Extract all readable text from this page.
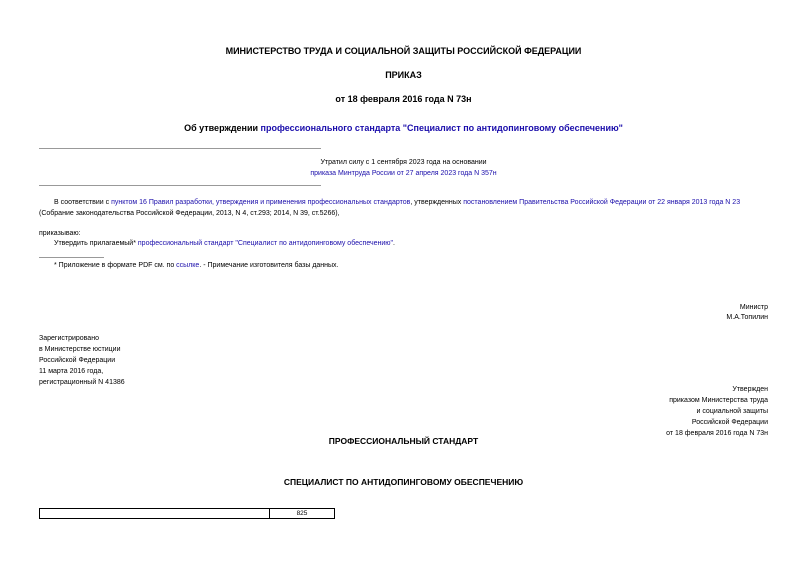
МИНИСТЕРСТВО ТРУДА И СОЦИАЛЬНОЙ ЗАЩИТЫ РОССИЙСКОЙ ФЕДЕРАЦИИ
ПРИКАЗ
от 18 февраля 2016 года N 73н
Об утверждении профессионального стандарта "Специалист по антидопинговому обеспечению"
Утратил силу с 1 сентября 2023 года на основании
приказа Минтруда России от 27 апреля 2023 года N 357н
В соответствии с пунктом 16 Правил разработки, утверждения и применения профессиональных стандартов, утвержденных постановлением Правительства Российской Федерации от 22 января 2013 года N 23
(Собрание законодательства Российской Федерации, 2013, N 4, ст.293; 2014, N 39, ст.5266),
приказываю:
Утвердить прилагаемый* профессиональный стандарт "Специалист по антидопинговому обеспечению".
* Приложение в формате PDF см. по ссылке. - Примечание изготовителя базы данных.
Министр
М.А.Топилин
Зарегистрировано
в Министерстве юстиции
Российской Федерации
11 марта 2016 года,
регистрационный N 41386
Утвержден
приказом Министерства труда
и социальной защиты
Российской Федерации
от 18 февраля 2016 года N 73н
ПРОФЕССИОНАЛЬНЫЙ СТАНДАРТ
СПЕЦИАЛИСТ ПО АНТИДОПИНГОВОМУ ОБЕСПЕЧЕНИЮ
	825
